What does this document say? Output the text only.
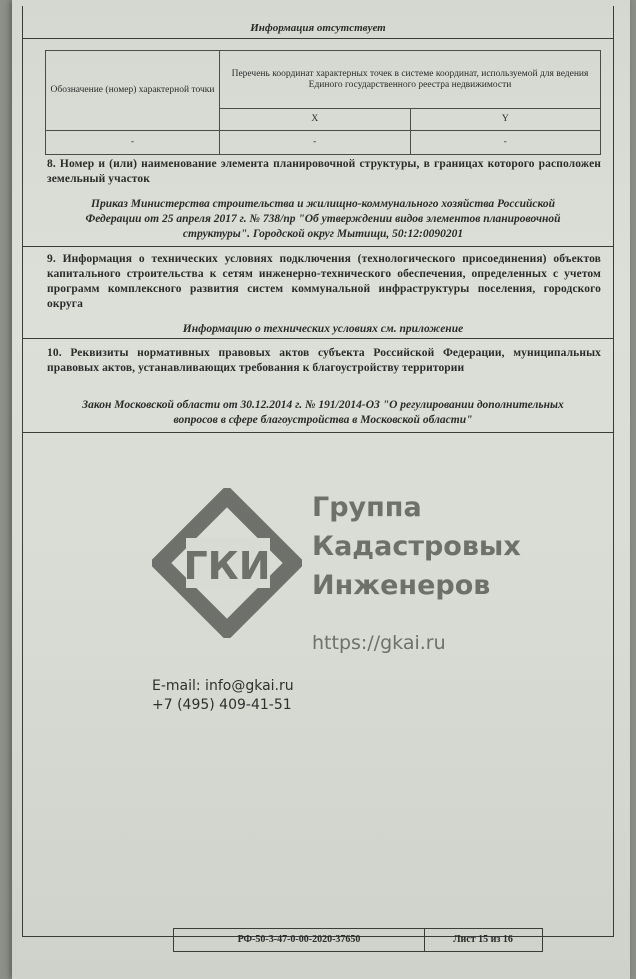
Информация отсутствует
Обозначение (номер) характерной точки	Перечень координат характерных точек в системе координат, используемой для ведения Единого государственного реестра недвижимости	
	X	Y
-	-	-
8. Номер и (или) наименование элемента планировочной структуры, в границах которого расположен земельный участок
Приказ Министерства строительства и жилищно-коммунального хозяйства Российской Федерации от 25 апреля 2017 г. № 738/пр "Об утверждении видов элементов планировочной структуры". Городской округ Мытищи, 50:12:0090201
9. Информация о технических условиях подключения (технологического присоединения) объектов капитального строительства к сетям инженерно-технического обеспечения, определенных с учетом программ комплексного развития систем коммунальной инфраструктуры поселения, городского округа
Информацию о технических условиях см. приложение
10. Реквизиты нормативных правовых актов субъекта Российской Федерации, муниципальных правовых актов, устанавливающих требования к благоустройству территории
Закон Московской области от 30.12.2014 г. № 191/2014-ОЗ "О регулировании дополнительных вопросов в сфере благоустройства в Московской области"
РФ-50-3-47-0-00-2020-37650	Лист 15 из 16
ГКИ
Группа
Кадастровых
Инженеров
https://gkai.ru
E-mail: info@gkai.ru
+7 (495) 409-41-51
